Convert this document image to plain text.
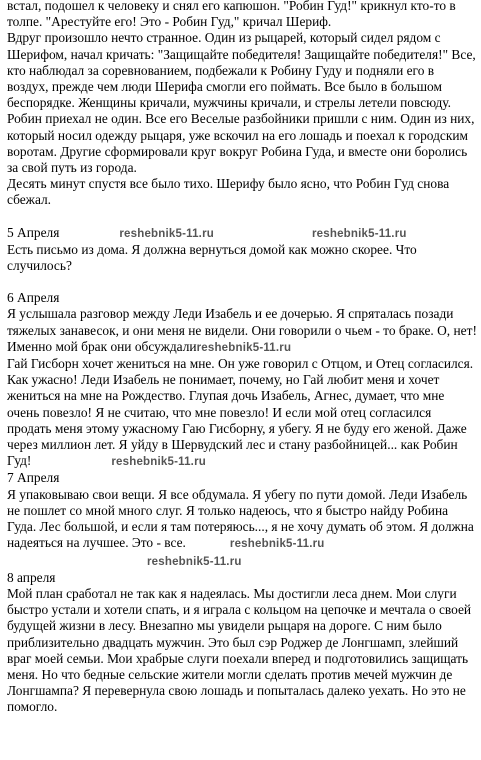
встал, подошел к человеку и снял его капюшон. "Робин Гуд!" крикнул кто-то в толпе. "Арестуйте его! Это - Робин Гуд," кричал Шериф.

Вдруг произошло нечто странное. Один из рыцарей, который сидел рядом с Шерифом, начал кричать: "Защищайте победителя! Защищайте победителя!" Все, кто наблюдал за соревнованием, подбежали к Робину Гуду и подняли его в воздух, прежде чем люди Шерифа смогли его поймать. Все было в большом беспорядке. Женщины кричали, мужчины кричали, и стрелы летели повсюду. Робин приехал не один. Все его Веселые разбойники пришли с ним. Один из них, который носил одежду рыцаря, уже вскочил на его лошадь и поехал к городским воротам. Другие сформировали круг вокруг Робина Гуда, и вместе они боролись за свой путь из города.

Десять минут спустя все было тихо. Шерифу было ясно, что Робин Гуд снова сбежал.

5 Апреля	reshebnik5-11.ru	reshebnik5-11.ru

Есть письмо из дома. Я должна вернуться домой как можно скорее. Что случилось?

6 Апреля

Я услышала разговор между Леди Изабель и ее дочерью. Я спряталась позади тяжелых занавесок, и они меня не видели. Они говорили о чьем - то браке. О, нет! Именно мой брак они обсуждалиreshebnik5-11.ru

Гай Гисборн хочет жениться на мне. Он уже говорил с Отцом, и Отец согласился. Как ужасно! Леди Изабель не понимает, почему, но Гай любит меня и хочет жениться на мне на Рождество. Глупая дочь Изабель, Агнес, думает, что мне очень повезло! Я не считаю, что мне повезло! И если мой отец согласился продать меня этому ужасному Гаю Гисборну, я убегу. Я не буду его женой. Даже через миллион лет. Я уйду в Шервудский лес и стану разбойницей... как Робин Гуд!	reshebnik5-11.ru

7 Апреля

Я упаковываю свои вещи. Я все обдумала. Я убегу по пути домой. Леди Изабель не пошлет со мной много слуг. Я только надеюсь, что я быстро найду Робина Гуда. Лес большой, и если я там потеряюсь..., я не хочу думать об этом. Я должна надеяться на лучшее. Это - все.	reshebnik5-11.ru

reshebnik5-11.ru

8 апреля

Мой план сработал не так как я надеялась. Мы достигли леса днем. Мои слуги быстро устали и хотели спать, и я играла с кольцом на цепочке и мечтала о своей будущей жизни в лесу. Внезапно мы увидели рыцаря на дороге. С ним было приблизительно двадцать мужчин. Это был сэр Роджер де Лонгшамп, злейший враг моей семьи. Мои храбрые слуги поехали вперед и подготовились защищать меня. Но что бедные сельские жители могли сделать против мечей мужчин де Лонгшампа? Я перевернула свою лошадь и попыталась далеко уехать. Но это не помогло.
